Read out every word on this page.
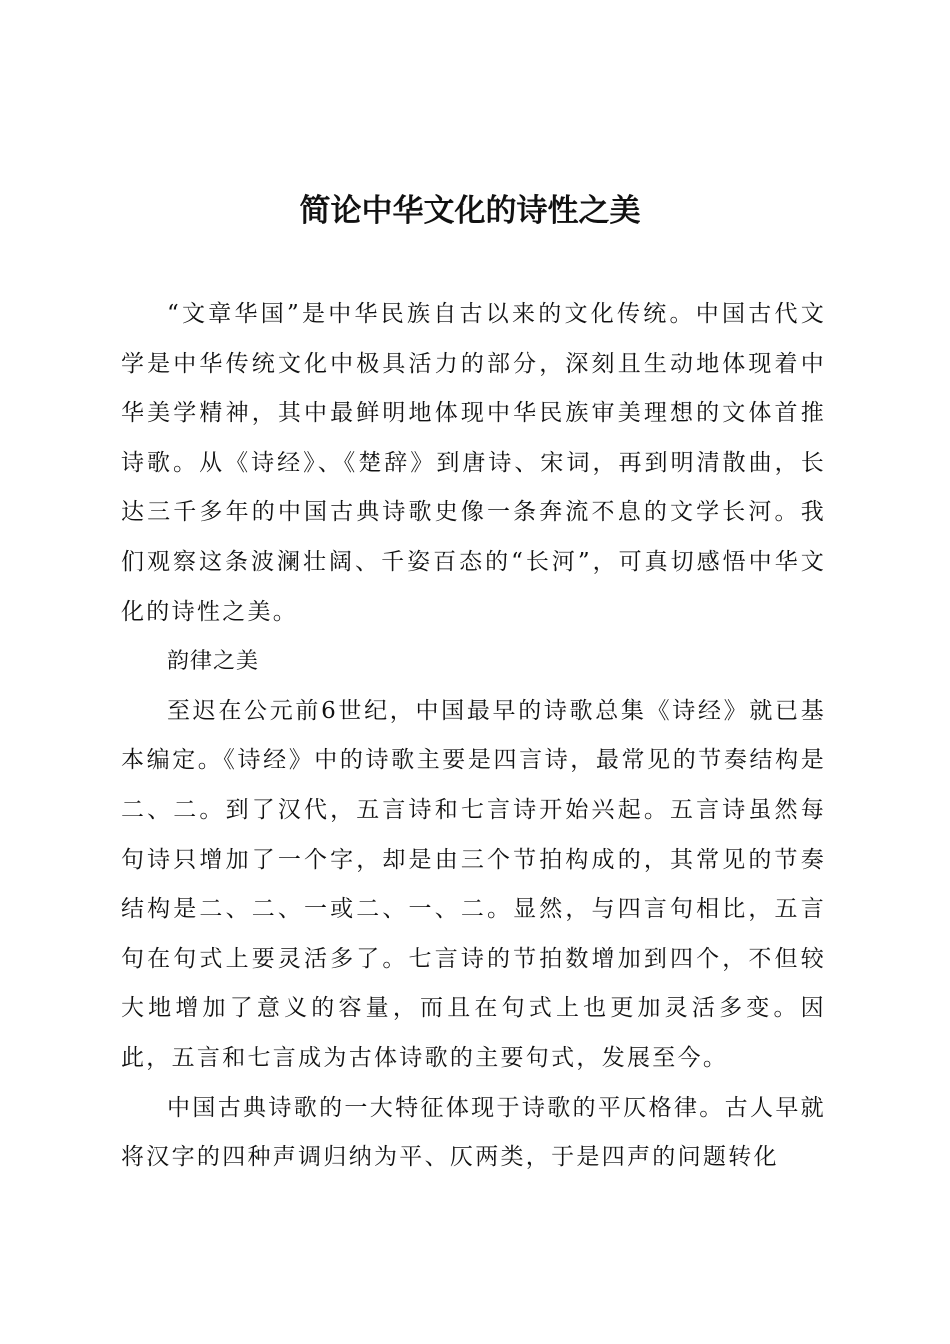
简论中华文化的诗性之美

“文章华国”是中华民族自古以来的文化传统。中国古代文学是中华传统文化中极具活力的部分，深刻且生动地体现着中华美学精神，其中最鲜明地体现中华民族审美理想的文体首推诗歌。从《诗经》、《楚辞》到唐诗、宋词，再到明清散曲，长达三千多年的中国古典诗歌史像一条奔流不息的文学长河。我们观察这条波澜壮阔、千姿百态的“长河”，可真切感悟中华文化的诗性之美。

韵律之美

至迟在公元前6世纪，中国最早的诗歌总集《诗经》就已基本编定。《诗经》中的诗歌主要是四言诗，最常见的节奏结构是二、二。到了汉代，五言诗和七言诗开始兴起。五言诗虽然每句诗只增加了一个字，却是由三个节拍构成的，其常见的节奏结构是二、二、一或二、一、二。显然，与四言句相比，五言句在句式上要灵活多了。七言诗的节拍数增加到四个，不但较大地增加了意义的容量，而且在句式上也更加灵活多变。因此，五言和七言成为古体诗歌的主要句式，发展至今。

中国古典诗歌的一大特征体现于诗歌的平仄格律。古人早就将汉字的四种声调归纳为平、仄两类，于是四声的问题转化
